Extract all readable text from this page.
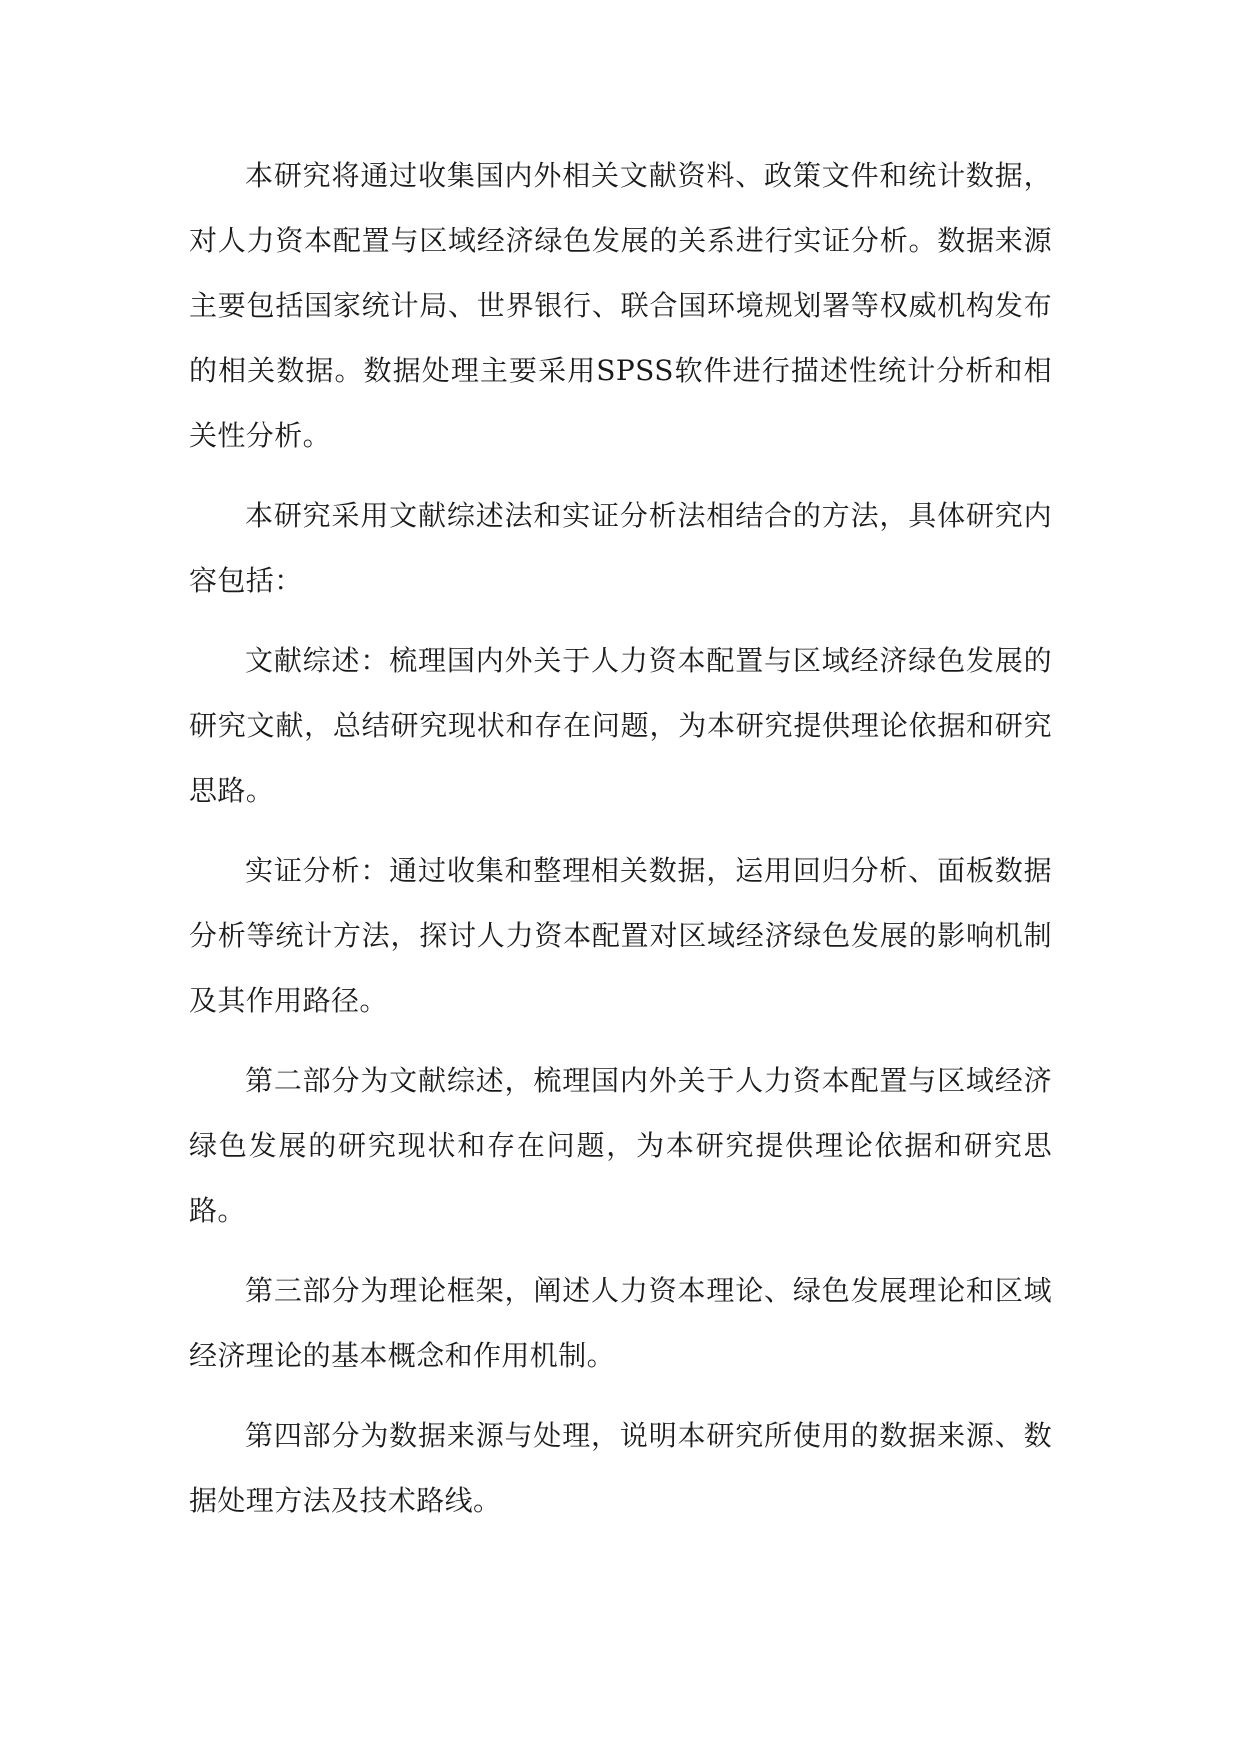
本研究将通过收集国内外相关文献资料、政策文件和统计数据，对人力资本配置与区域经济绿色发展的关系进行实证分析。数据来源主要包括国家统计局、世界银行、联合国环境规划署等权威机构发布的相关数据。数据处理主要采用SPSS软件进行描述性统计分析和相关性分析。

本研究采用文献综述法和实证分析法相结合的方法，具体研究内容包括：

文献综述：梳理国内外关于人力资本配置与区域经济绿色发展的研究文献，总结研究现状和存在问题，为本研究提供理论依据和研究思路。

实证分析：通过收集和整理相关数据，运用回归分析、面板数据分析等统计方法，探讨人力资本配置对区域经济绿色发展的影响机制及其作用路径。

第二部分为文献综述，梳理国内外关于人力资本配置与区域经济绿色发展的研究现状和存在问题，为本研究提供理论依据和研究思路。

第三部分为理论框架，阐述人力资本理论、绿色发展理论和区域经济理论的基本概念和作用机制。

第四部分为数据来源与处理，说明本研究所使用的数据来源、数据处理方法及技术路线。
